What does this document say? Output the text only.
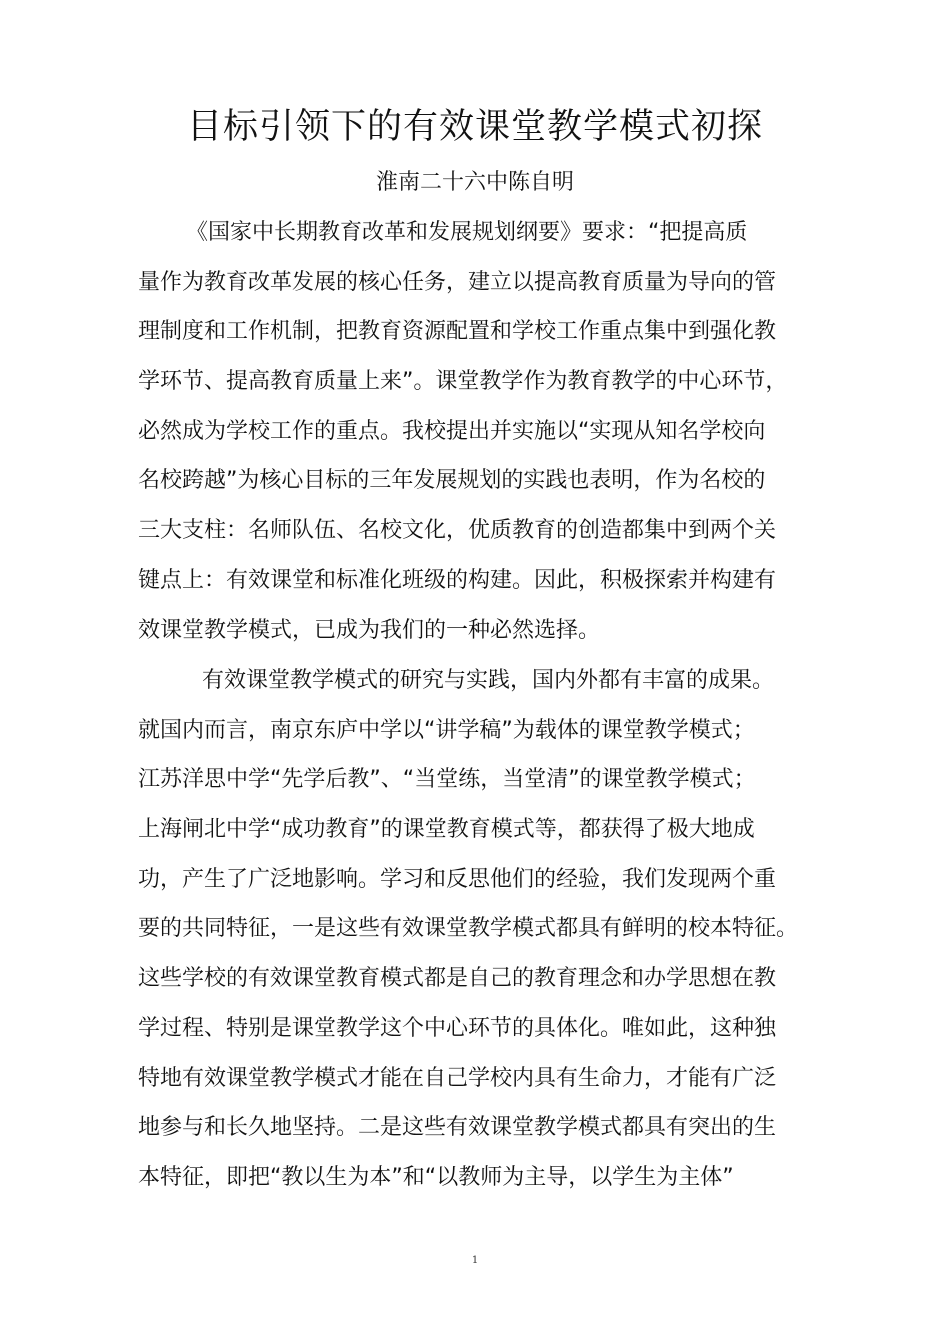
目标引领下的有效课堂教学模式初探
淮南二十六中陈自明
《国家中长期教育改革和发展规划纲要》要求：“把提高质
量作为教育改革发展的核心任务，建立以提高教育质量为导向的管
理制度和工作机制，把教育资源配置和学校工作重点集中到强化教
学环节、提高教育质量上来”。课堂教学作为教育教学的中心环节，
必然成为学校工作的重点。我校提出并实施以“实现从知名学校向
名校跨越”为核心目标的三年发展规划的实践也表明，作为名校的
三大支柱：名师队伍、名校文化，优质教育的创造都集中到两个关
键点上：有效课堂和标准化班级的构建。因此，积极探索并构建有
效课堂教学模式，已成为我们的一种必然选择。
有效课堂教学模式的研究与实践，国内外都有丰富的成果。
就国内而言，南京东庐中学以“讲学稿”为载体的课堂教学模式；
江苏洋思中学“先学后教”、“当堂练，当堂清”的课堂教学模式；
上海闸北中学“成功教育”的课堂教育模式等，都获得了极大地成
功，产生了广泛地影响。学习和反思他们的经验，我们发现两个重
要的共同特征，一是这些有效课堂教学模式都具有鲜明的校本特征。
这些学校的有效课堂教育模式都是自己的教育理念和办学思想在教
学过程、特别是课堂教学这个中心环节的具体化。唯如此，这种独
特地有效课堂教学模式才能在自己学校内具有生命力，才能有广泛
地参与和长久地坚持。二是这些有效课堂教学模式都具有突出的生
本特征，即把“教以生为本”和“以教师为主导，以学生为主体”
1
